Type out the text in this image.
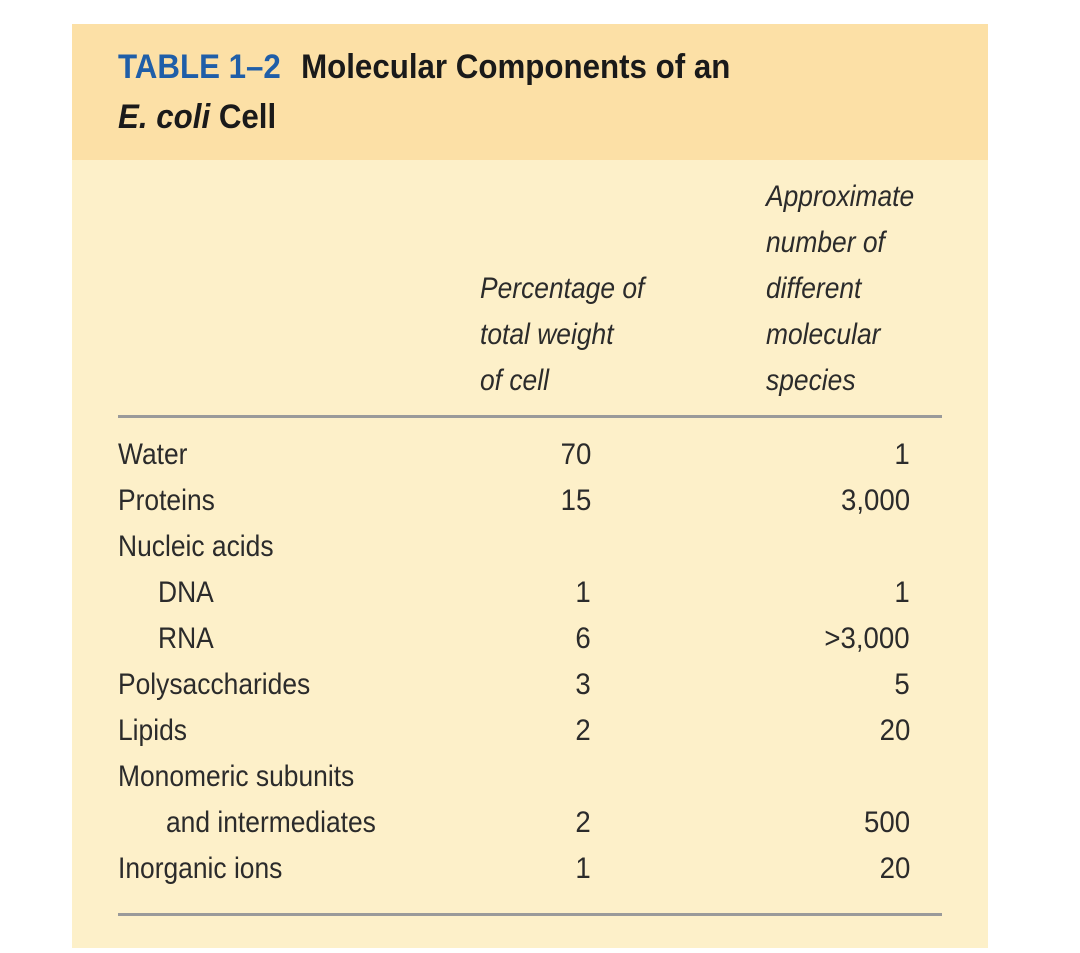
TABLE 1–2 Molecular Components of an
E. coli Cell
Percentage of
total weight
of cell
Approximate
number of
different
molecular
species
Water	70	1
Proteins	15	3,000
Nucleic acids
DNA	1	1
RNA	6	>3,000
Polysaccharides	3	5
Lipids	2	20
Monomeric subunits
and intermediates	2	500
Inorganic ions	1	20
